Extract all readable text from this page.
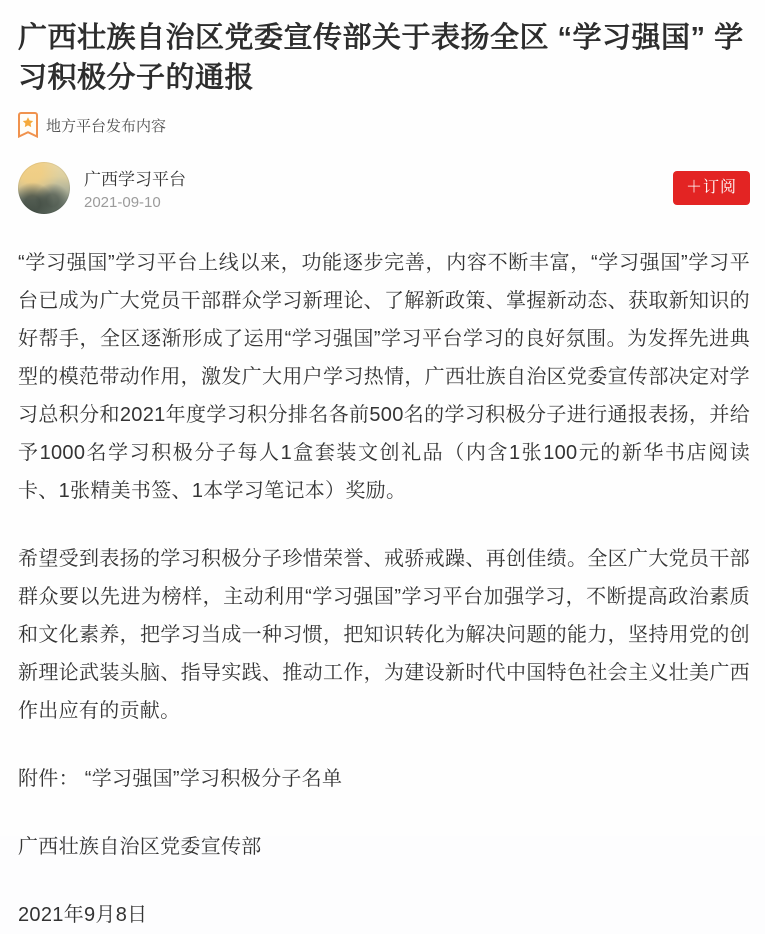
广西壮族自治区党委宣传部关于表扬全区 “学习强国” 学习积极分子的通报
地方平台发布内容
广西学习平台
2021-09-10
＋订阅

“学习强国”学习平台上线以来，功能逐步完善，内容不断丰富，“学习强国”学习平台已成为广大党员干部群众学习新理论、了解新政策、掌握新动态、获取新知识的好帮手，全区逐渐形成了运用“学习强国”学习平台学习的良好氛围。为发挥先进典型的模范带动作用，激发广大用户学习热情，广西壮族自治区党委宣传部决定对学习总积分和2021年度学习积分排名各前500名的学习积极分子进行通报表扬，并给予1000名学习积极分子每人1盒套装文创礼品（内含1张100元的新华书店阅读卡、1张精美书签、1本学习笔记本）奖励。

希望受到表扬的学习积极分子珍惜荣誉、戒骄戒躁、再创佳绩。全区广大党员干部群众要以先进为榜样，主动利用“学习强国”学习平台加强学习，不断提高政治素质和文化素养，把学习当成一种习惯，把知识转化为解决问题的能力，坚持用党的创新理论武装头脑、指导实践、推动工作，为建设新时代中国特色社会主义壮美广西作出应有的贡献。

附件： “学习强国”学习积极分子名单

广西壮族自治区党委宣传部

2021年9月8日
